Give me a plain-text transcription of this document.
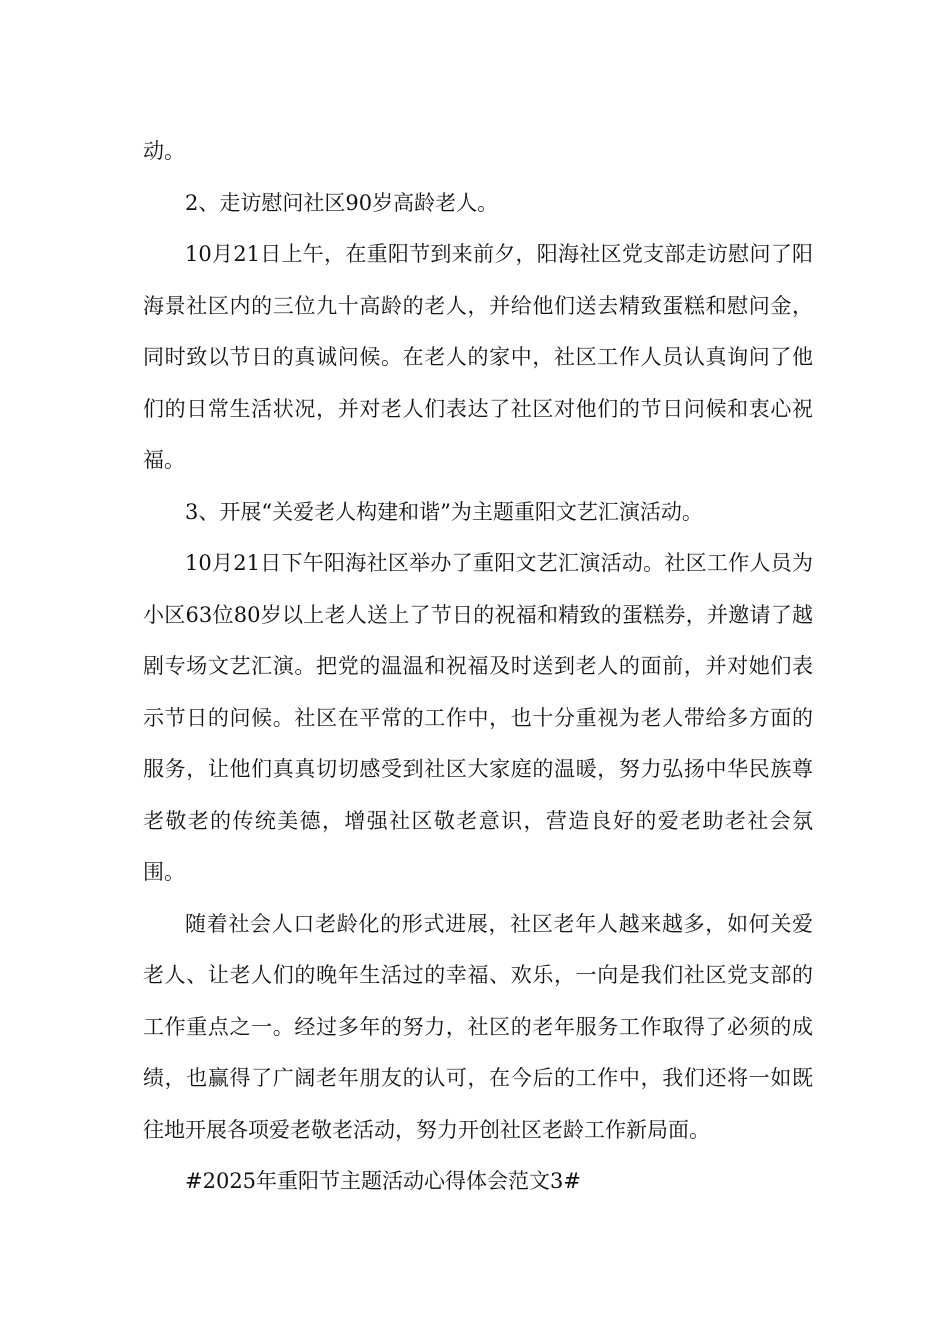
动。

2、走访慰问社区90岁高龄老人。

10月21日上午，在重阳节到来前夕，阳海社区党支部走访慰问了阳海景社区内的三位九十高龄的老人，并给他们送去精致蛋糕和慰问金，同时致以节日的真诚问候。在老人的家中，社区工作人员认真询问了他们的日常生活状况，并对老人们表达了社区对他们的节日问候和衷心祝福。

3、开展“关爱老人构建和谐”为主题重阳文艺汇演活动。

10月21日下午阳海社区举办了重阳文艺汇演活动。社区工作人员为小区63位80岁以上老人送上了节日的祝福和精致的蛋糕券，并邀请了越剧专场文艺汇演。把党的温温和祝福及时送到老人的面前，并对她们表示节日的问候。社区在平常的工作中，也十分重视为老人带给多方面的服务，让他们真真切切感受到社区大家庭的温暖，努力弘扬中华民族尊老敬老的传统美德，增强社区敬老意识，营造良好的爱老助老社会氛围。

随着社会人口老龄化的形式进展，社区老年人越来越多，如何关爱老人、让老人们的晚年生活过的幸福、欢乐，一向是我们社区党支部的工作重点之一。经过多年的努力，社区的老年服务工作取得了必须的成绩，也赢得了广阔老年朋友的认可，在今后的工作中，我们还将一如既往地开展各项爱老敬老活动，努力开创社区老龄工作新局面。

#2025年重阳节主题活动心得体会范文3#
